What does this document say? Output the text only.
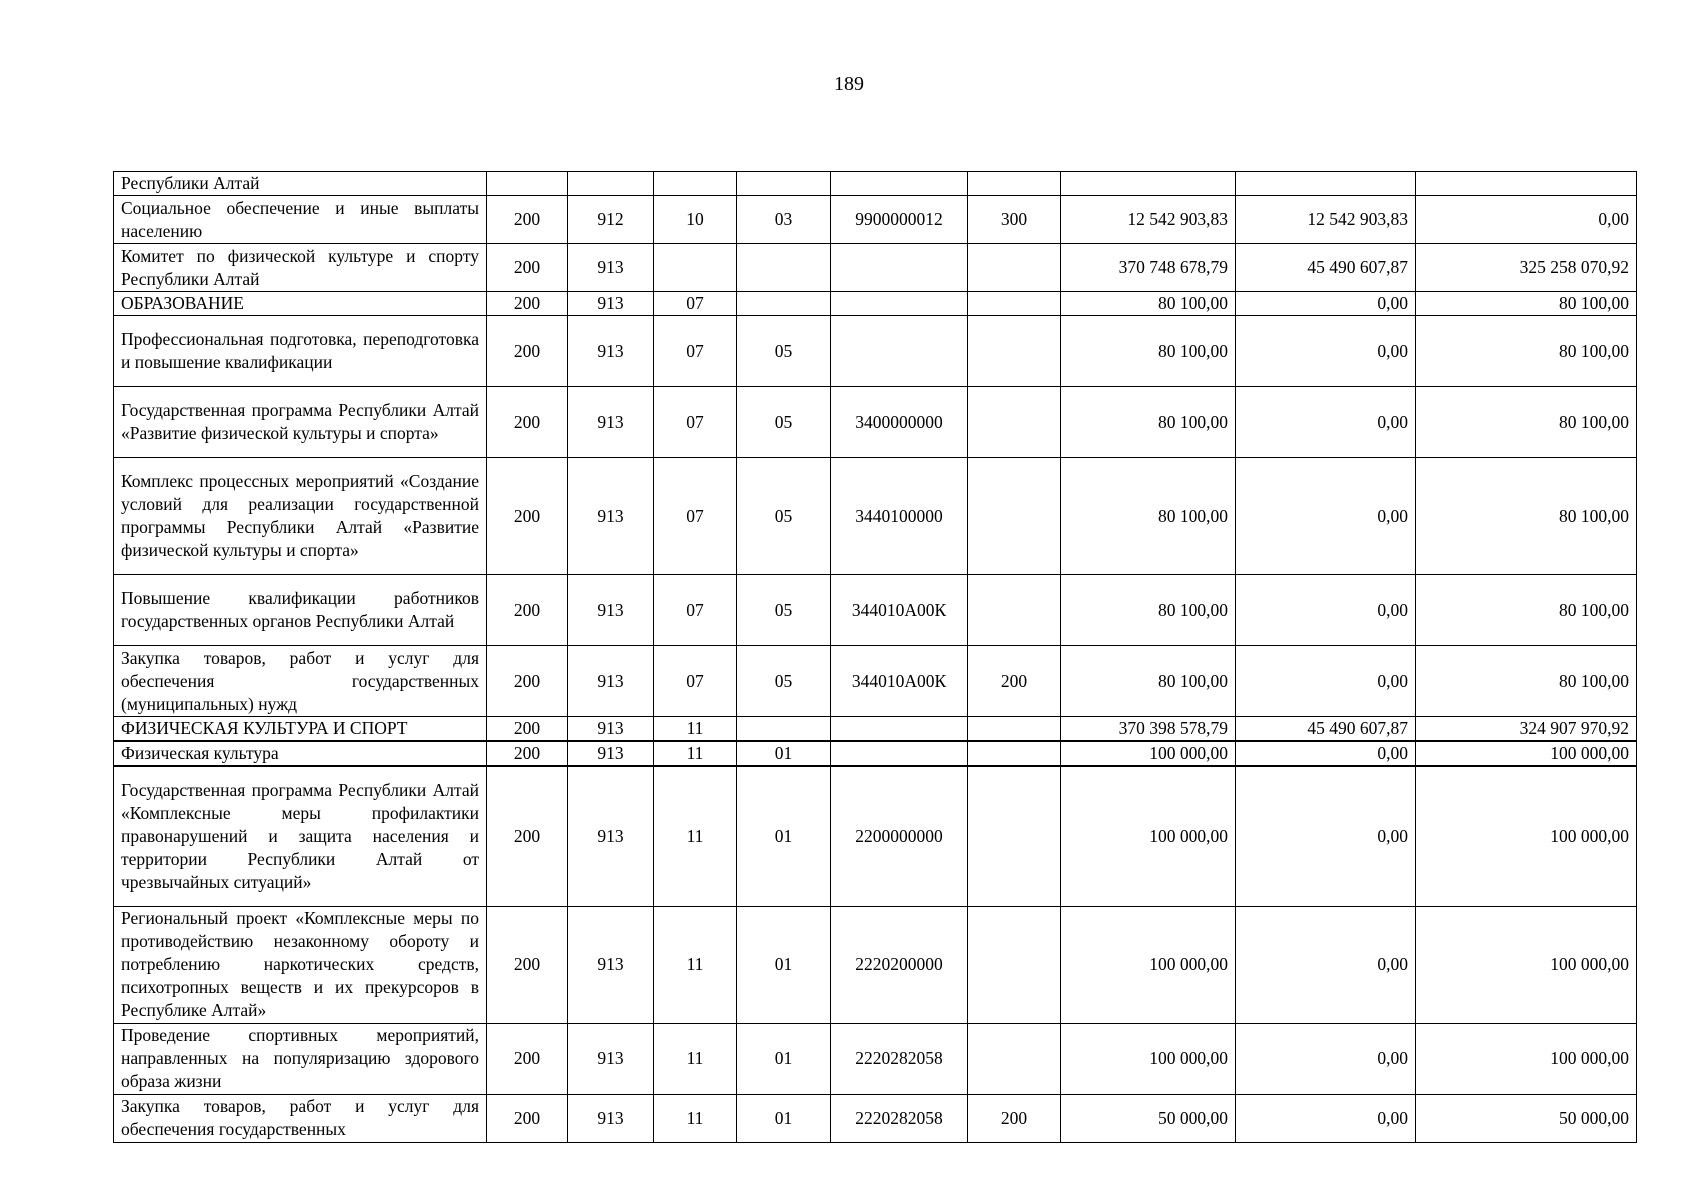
189
Республики Алтай									
Социальное обеспечение и иные выплаты населению	200	912	10	03	9900000012	300	12 542 903,83	12 542 903,83	0,00
Комитет по физической культуре и спорту Республики Алтай	200	913					370 748 678,79	45 490 607,87	325 258 070,92
ОБРАЗОВАНИЕ	200	913	07				80 100,00	0,00	80 100,00
Профессиональная подготовка, переподготовка и повышение квалификации	200	913	07	05			80 100,00	0,00	80 100,00
Государственная программа Республики Алтай «Развитие физической культуры и спорта»	200	913	07	05	3400000000		80 100,00	0,00	80 100,00
Комплекс процессных мероприятий «Создание условий для реализации государственной программы Республики Алтай «Развитие физической культуры и спорта»	200	913	07	05	3440100000		80 100,00	0,00	80 100,00
Повышение квалификации работников государственных органов Республики Алтай	200	913	07	05	344010А00К		80 100,00	0,00	80 100,00
Закупка товаров, работ и услуг для обеспечения государственных (муниципальных) нужд	200	913	07	05	344010А00К	200	80 100,00	0,00	80 100,00
ФИЗИЧЕСКАЯ КУЛЬТУРА И СПОРТ	200	913	11				370 398 578,79	45 490 607,87	324 907 970,92
Физическая культура	200	913	11	01			100 000,00	0,00	100 000,00
Государственная программа Республики Алтай «Комплексные меры профилактики правонарушений и защита населения и территории Республики Алтай от чрезвычайных ситуаций»	200	913	11	01	2200000000		100 000,00	0,00	100 000,00
Региональный проект «Комплексные меры по противодействию незаконному обороту и потреблению наркотических средств, психотропных веществ и их прекурсоров в Республике Алтай»	200	913	11	01	2220200000		100 000,00	0,00	100 000,00
Проведение спортивных мероприятий, направленных на популяризацию здорового образа жизни	200	913	11	01	2220282058		100 000,00	0,00	100 000,00
Закупка товаров, работ и услуг для обеспечения государственных	200	913	11	01	2220282058	200	50 000,00	0,00	50 000,00
